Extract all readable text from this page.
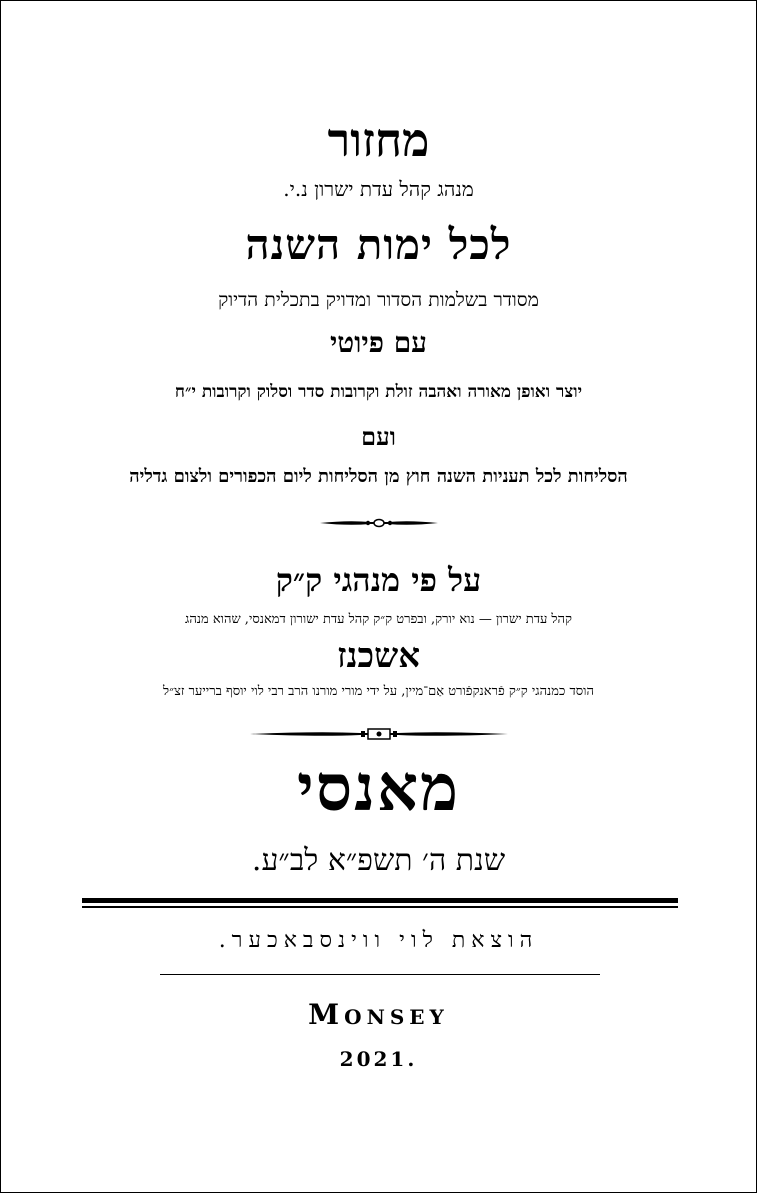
מחזור
מנהג קהל עדת ישרון נ.י.
לכל ימות השנה
מסודר בשלמות הסדור ומדויק בתכלית הדיוק
עם פיוטי
יוצר ואופן מאורה ואהבה זולת וקרובות סדר וסלוק וקרובות י״ח
ועם
הסליחות לכל תעניות השנה חוץ מן הסליחות ליום הכפורים ולצום גדליה
על פי מנהגי ק״ק
קהל עדת ישרון — נוא יורק, ובפרט ק״ק קהל עדת ישורון דמאנסי, שהוא מנהג
אשכנז
הוסד כמנהגי ק״ק פֿראנקפֿורט אַם־מיין, על ידי מורי מורנו הרב רבי לוי יוסף ברייער זצ״ל
מאנסי
שנת ה׳ תשפ״א לב״ע.
הוצאת לוי ווינסבאכער.
Monsey
2021.
